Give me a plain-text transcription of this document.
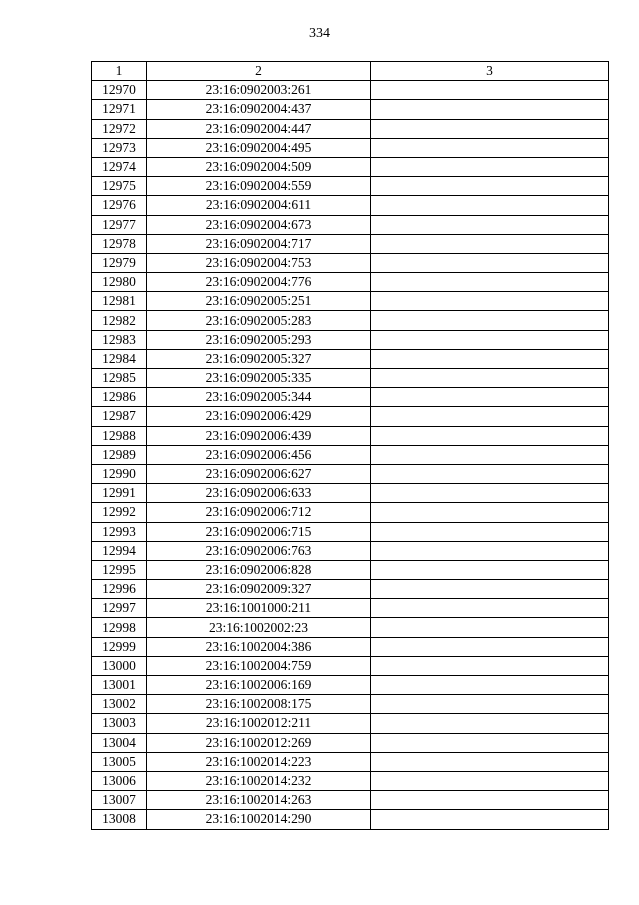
334
1	2	3
12970	23:16:0902003:261	
12971	23:16:0902004:437	
12972	23:16:0902004:447	
12973	23:16:0902004:495	
12974	23:16:0902004:509	
12975	23:16:0902004:559	
12976	23:16:0902004:611	
12977	23:16:0902004:673	
12978	23:16:0902004:717	
12979	23:16:0902004:753	
12980	23:16:0902004:776	
12981	23:16:0902005:251	
12982	23:16:0902005:283	
12983	23:16:0902005:293	
12984	23:16:0902005:327	
12985	23:16:0902005:335	
12986	23:16:0902005:344	
12987	23:16:0902006:429	
12988	23:16:0902006:439	
12989	23:16:0902006:456	
12990	23:16:0902006:627	
12991	23:16:0902006:633	
12992	23:16:0902006:712	
12993	23:16:0902006:715	
12994	23:16:0902006:763	
12995	23:16:0902006:828	
12996	23:16:0902009:327	
12997	23:16:1001000:211	
12998	23:16:1002002:23	
12999	23:16:1002004:386	
13000	23:16:1002004:759	
13001	23:16:1002006:169	
13002	23:16:1002008:175	
13003	23:16:1002012:211	
13004	23:16:1002012:269	
13005	23:16:1002014:223	
13006	23:16:1002014:232	
13007	23:16:1002014:263	
13008	23:16:1002014:290	
